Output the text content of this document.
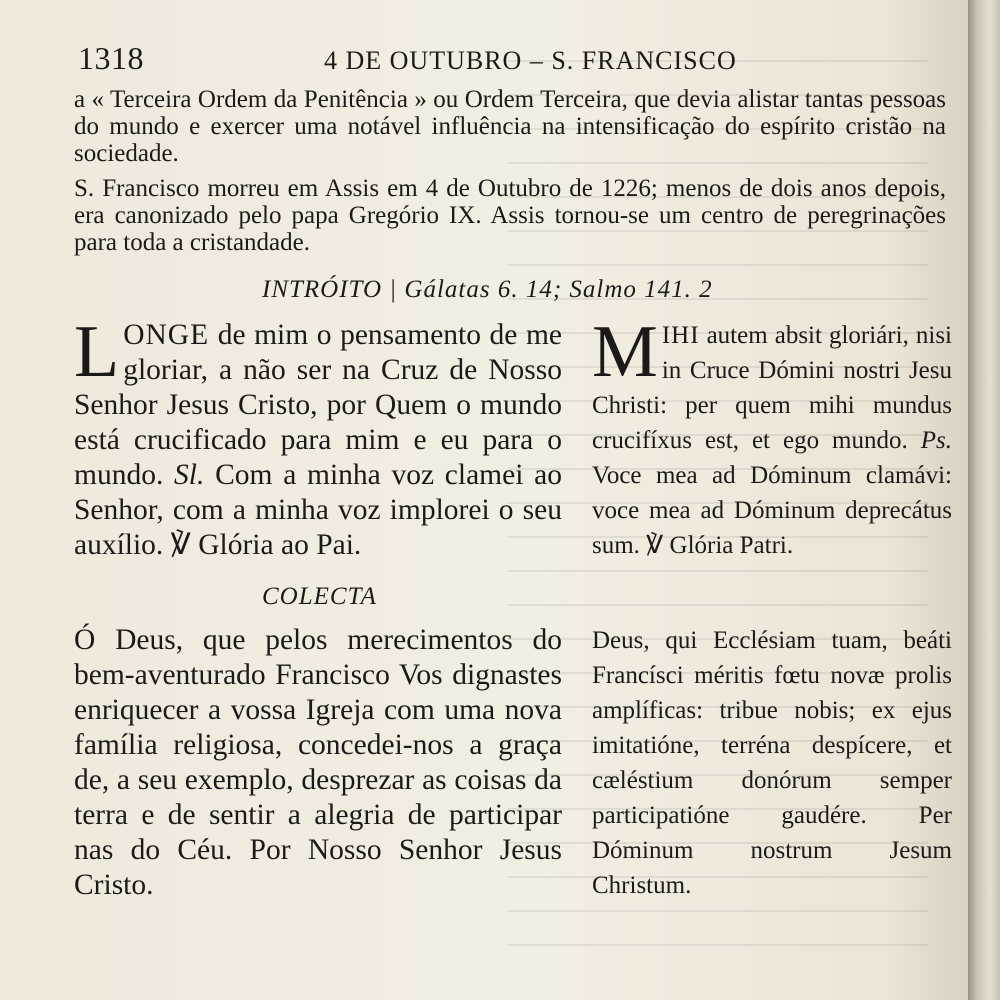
1318	4 DE OUTUBRO – S. FRANCISCO

a « Terceira Ordem da Penitência » ou Ordem Terceira, que devia alistar tantas pessoas do mundo e exercer uma notável influência na intensificação do espírito cristão na sociedade.

S. Francisco morreu em Assis em 4 de Outubro de 1226; menos de dois anos depois, era canonizado pelo papa Gregório IX. Assis tornou-se um centro de peregrinações para toda a cristandade.

INTRÓITO | Gálatas 6. 14; Salmo 141. 2

LONGE de mim o pensamento de me gloriar, a não ser na Cruz de Nosso Senhor Jesus Cristo, por Quem o mundo está crucificado para mim e eu para o mundo. Sl. Com a minha voz clamei ao Senhor, com a minha voz implorei o seu auxílio. ℣ Glória ao Pai.

MIHI autem absit gloriári, nisi in Cruce Dómini nostri Jesu Christi: per quem mihi mundus crucifíxus est, et ego mundo. Ps. Voce mea ad Dóminum clamávi: voce mea ad Dóminum deprecátus sum. ℣ Glória Patri.

COLECTA

Ó Deus, que pelos merecimentos do bem-aventurado Francisco Vos dignastes enriquecer a vossa Igreja com uma nova família religiosa, concedei-nos a graça de, a seu exemplo, desprezar as coisas da terra e de sentir a alegria de participar nas do Céu. Por Nosso Senhor Jesus Cristo.

Deus, qui Ecclésiam tuam, beáti Francísci méritis fœtu novæ prolis amplíficas: tribue nobis; ex ejus imitatióne, terréna despícere, et cæléstium donórum semper participatióne gaudére. Per Dóminum nostrum Jesum Christum.
